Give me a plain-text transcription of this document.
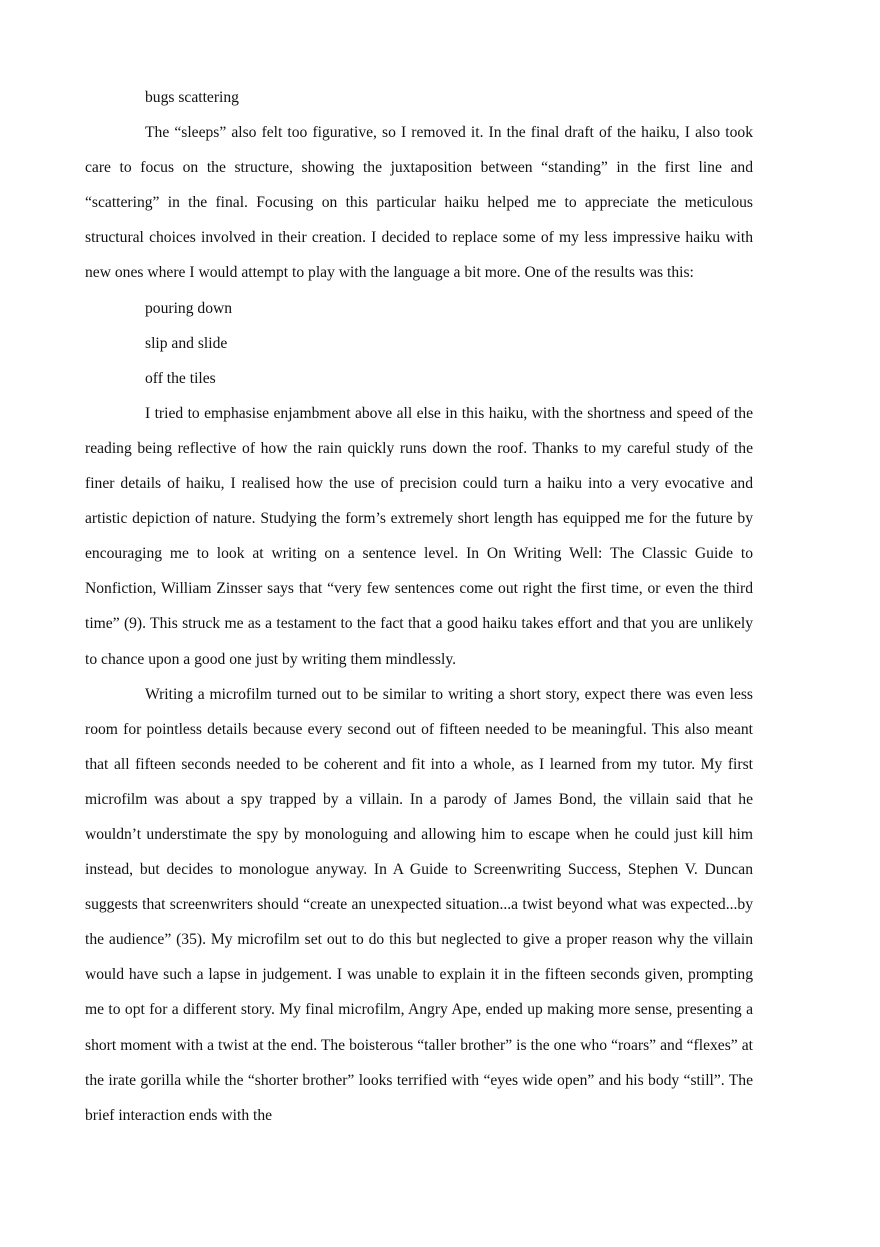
bugs scattering

The “sleeps” also felt too figurative, so I removed it. In the final draft of the haiku, I also took care to focus on the structure, showing the juxtaposition between “standing” in the first line and “scattering” in the final. Focusing on this particular haiku helped me to appreciate the meticulous structural choices involved in their creation. I decided to replace some of my less impressive haiku with new ones where I would attempt to play with the language a bit more. One of the results was this:

pouring down

slip and slide

off the tiles

I tried to emphasise enjambment above all else in this haiku, with the shortness and speed of the reading being reflective of how the rain quickly runs down the roof. Thanks to my careful study of the finer details of haiku, I realised how the use of precision could turn a haiku into a very evocative and artistic depiction of nature. Studying the form’s extremely short length has equipped me for the future by encouraging me to look at writing on a sentence level. In On Writing Well: The Classic Guide to Nonfiction, William Zinsser says that “very few sentences come out right the first time, or even the third time” (9). This struck me as a testament to the fact that a good haiku takes effort and that you are unlikely to chance upon a good one just by writing them mindlessly.

Writing a microfilm turned out to be similar to writing a short story, expect there was even less room for pointless details because every second out of fifteen needed to be meaningful. This also meant that all fifteen seconds needed to be coherent and fit into a whole, as I learned from my tutor. My first microfilm was about a spy trapped by a villain. In a parody of James Bond, the villain said that he wouldn’t understimate the spy by monologuing and allowing him to escape when he could just kill him instead, but decides to monologue anyway. In A Guide to Screenwriting Success, Stephen V. Duncan suggests that screenwriters should “create an unexpected situation...a twist beyond what was expected...by the audience” (35). My microfilm set out to do this but neglected to give a proper reason why the villain would have such a lapse in judgement. I was unable to explain it in the fifteen seconds given, prompting me to opt for a different story. My final microfilm, Angry Ape, ended up making more sense, presenting a short moment with a twist at the end. The boisterous “taller brother” is the one who “roars” and “flexes” at the irate gorilla while the “shorter brother” looks terrified with “eyes wide open” and his body “still”. The brief interaction ends with the
